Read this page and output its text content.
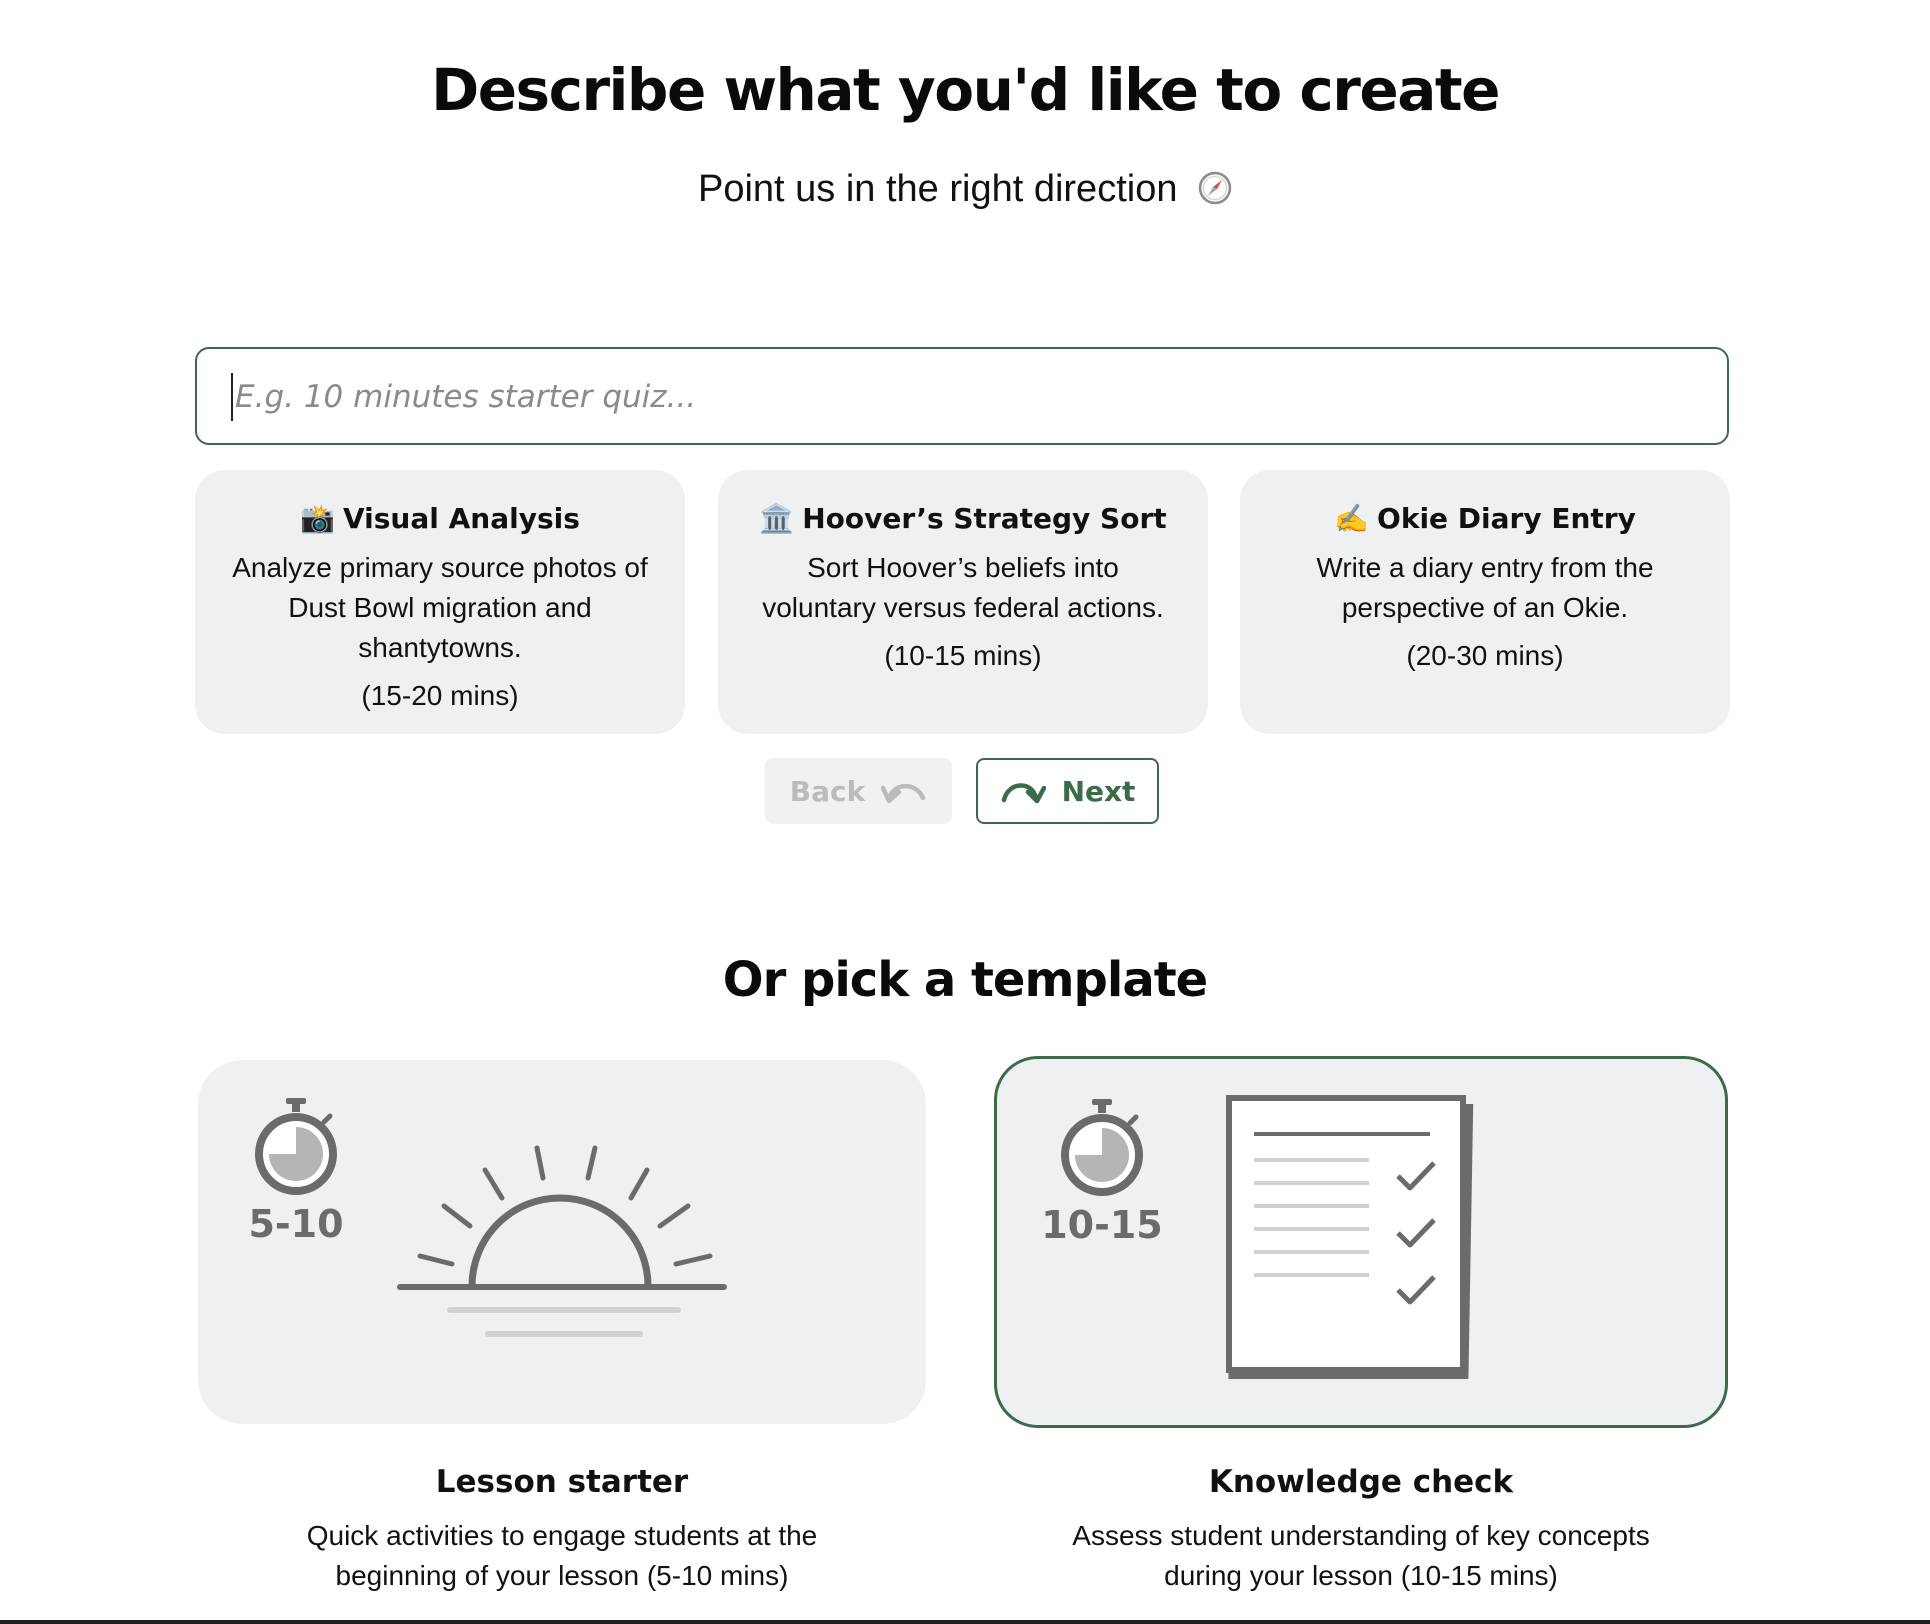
Describe what you'd like to create
Point us in the right direction
E.g. 10 minutes starter quiz...
📸 Visual Analysis
Analyze primary source photos of Dust Bowl migration and shantytowns.
(15-20 mins)
🏛️ Hoover’s Strategy Sort
Sort Hoover’s beliefs into voluntary versus federal actions.
(10-15 mins)
✍️ Okie Diary Entry
Write a diary entry from the perspective of an Okie.
(20-30 mins)
Back	Next
Or pick a template
5-10
Lesson starter
Quick activities to engage students at the beginning of your lesson (5-10 mins)
10-15
Knowledge check
Assess student understanding of key concepts during your lesson (10-15 mins)
